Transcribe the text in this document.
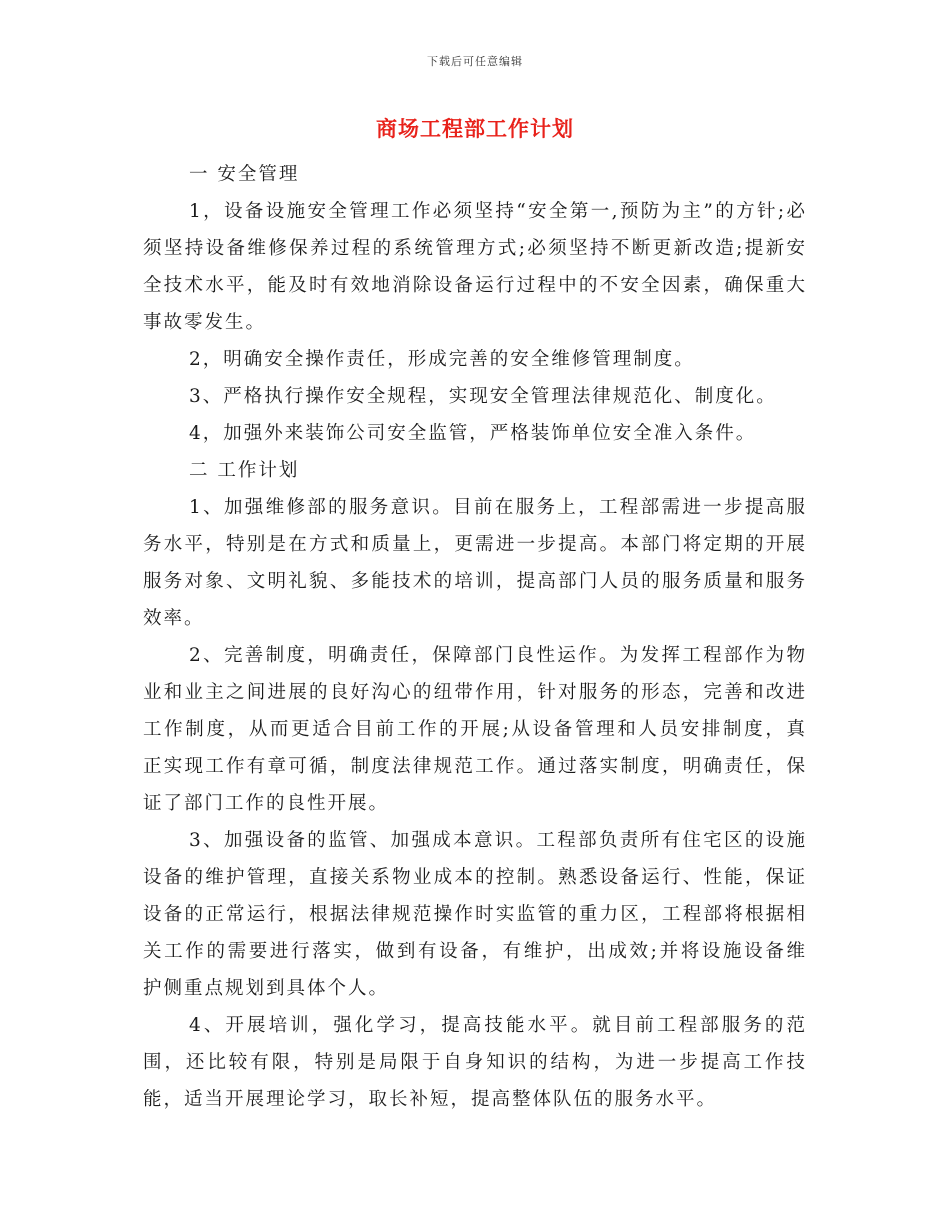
下载后可任意编辑
商场工程部工作计划

一 安全管理

1，设备设施安全管理工作必须坚持“安全第一,预防为主”的方针;必须坚持设备维修保养过程的系统管理方式;必须坚持不断更新改造;提新安全技术水平，能及时有效地消除设备运行过程中的不安全因素，确保重大事故零发生。

2，明确安全操作责任，形成完善的安全维修管理制度。

3、严格执行操作安全规程，实现安全管理法律规范化、制度化。

4，加强外来装饰公司安全监管，严格装饰单位安全准入条件。

二 工作计划

1、加强维修部的服务意识。目前在服务上，工程部需进一步提高服务水平，特别是在方式和质量上，更需进一步提高。本部门将定期的开展服务对象、文明礼貌、多能技术的培训，提高部门人员的服务质量和服务效率。

2、完善制度，明确责任，保障部门良性运作。为发挥工程部作为物业和业主之间进展的良好沟心的纽带作用，针对服务的形态，完善和改进工作制度，从而更适合目前工作的开展;从设备管理和人员安排制度，真正实现工作有章可循，制度法律规范工作。通过落实制度，明确责任，保证了部门工作的良性开展。

3、加强设备的监管、加强成本意识。工程部负责所有住宅区的设施设备的维护管理，直接关系物业成本的控制。熟悉设备运行、性能，保证设备的正常运行，根据法律规范操作时实监管的重力区，工程部将根据相关工作的需要进行落实，做到有设备，有维护，出成效;并将设施设备维护侧重点规划到具体个人。

4、开展培训，强化学习，提高技能水平。就目前工程部服务的范围，还比较有限，特别是局限于自身知识的结构，为进一步提高工作技能，适当开展理论学习，取长补短，提高整体队伍的服务水平。
